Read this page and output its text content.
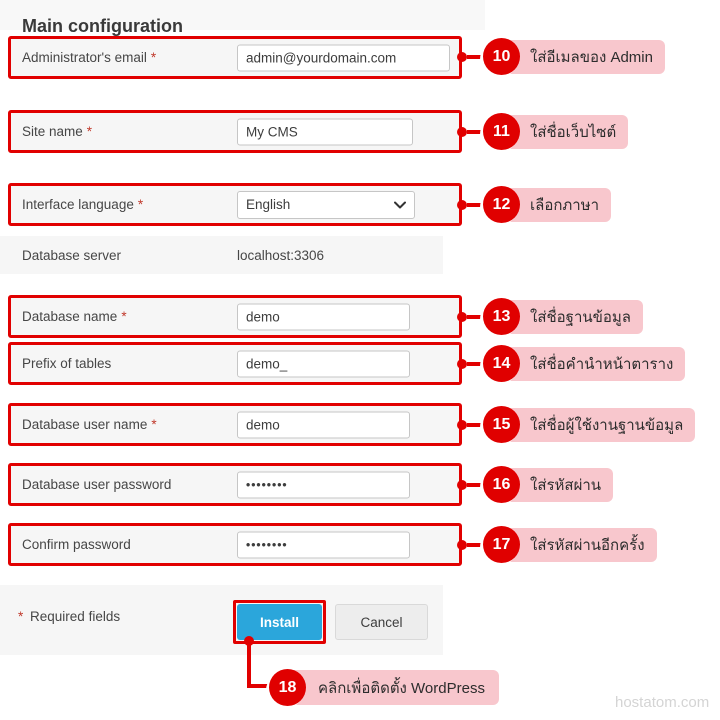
Main configuration
Administrator's email *
admin@yourdomain.com
Site name *
My CMS
Interface language *	English
Database server	localhost:3306
Database name *
demo
Prefix of tables
demo_
Database user name *
demo
Database user password
••••••••
Confirm password
••••••••
10	ใส่อีเมลของ Admin
11	ใส่ชื่อเว็บไซต์
12	เลือกภาษา
13	ใส่ชื่อฐานข้อมูล
14	ใส่ชื่อคำนำหน้าตาราง
15	ใส่ชื่อผู้ใช้งานฐานข้อมูล
16	ใส่รหัสผ่าน
17	ใส่รหัสผ่านอีกครั้ง
* Required fields	Install	Cancel
18	คลิกเพื่อติดตั้ง WordPress
hostatom.com
